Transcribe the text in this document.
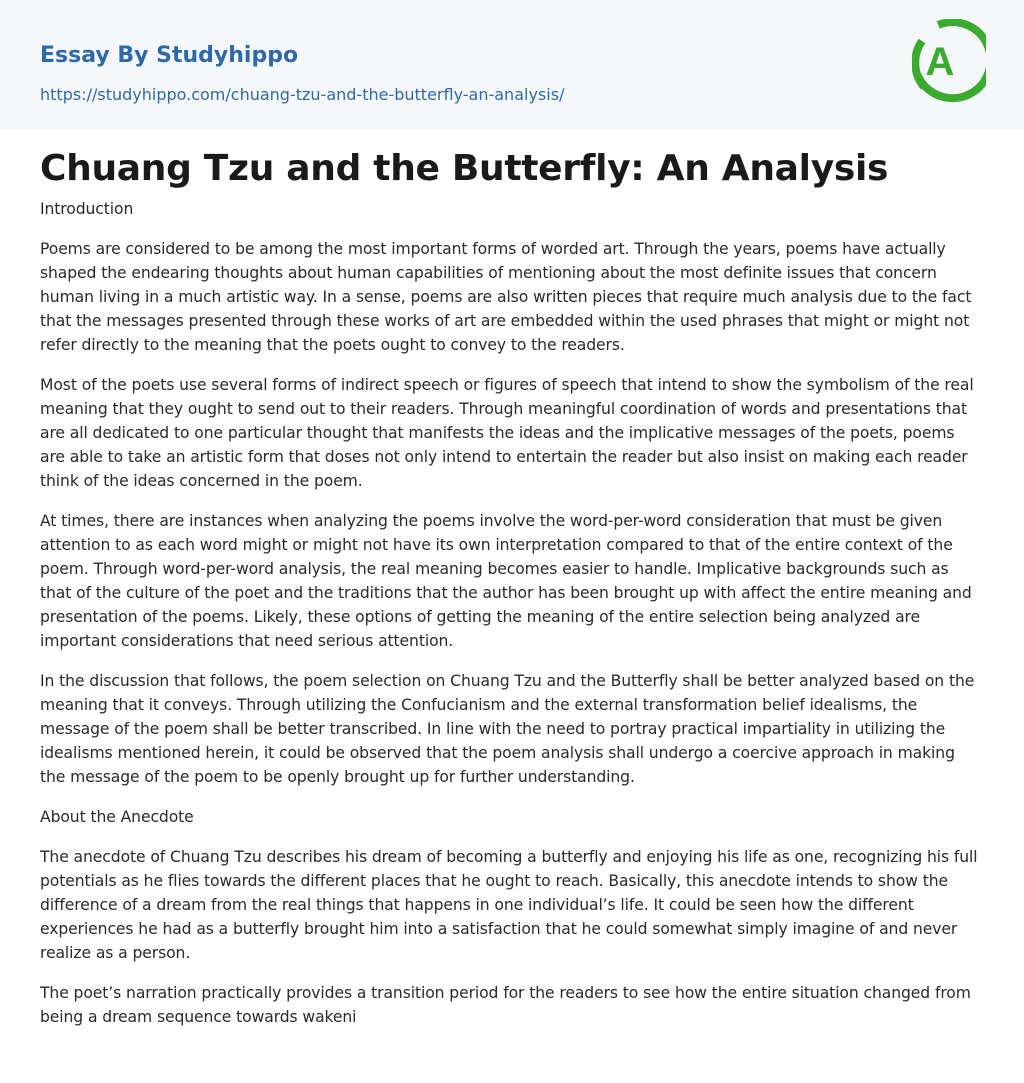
Essay By Studyhippo
https://studyhippo.com/chuang-tzu-and-the-butterfly-an-analysis/
A
Chuang Tzu and the Butterfly: An Analysis

Introduction

Poems are considered to be among the most important forms of worded art. Through the years, poems have actually shaped the endearing thoughts about human capabilities of mentioning about the most definite issues that concern human living in a much artistic way. In a sense, poems are also written pieces that require much analysis due to the fact that the messages presented through these works of art are embedded within the used phrases that might or might not refer directly to the meaning that the poets ought to convey to the readers.

Most of the poets use several forms of indirect speech or figures of speech that intend to show the symbolism of the real meaning that they ought to send out to their readers. Through meaningful coordination of words and presentations that are all dedicated to one particular thought that manifests the ideas and the implicative messages of the poets, poems are able to take an artistic form that doses not only intend to entertain the reader but also insist on making each reader think of the ideas concerned in the poem.

At times, there are instances when analyzing the poems involve the word-per-word consideration that must be given attention to as each word might or might not have its own interpretation compared to that of the entire context of the poem. Through word-per-word analysis, the real meaning becomes easier to handle. Implicative backgrounds such as that of the culture of the poet and the traditions that the author has been brought up with affect the entire meaning and presentation of the poems. Likely, these options of getting the meaning of the entire selection being analyzed are important considerations that need serious attention.

In the discussion that follows, the poem selection on Chuang Tzu and the Butterfly shall be better analyzed based on the meaning that it conveys. Through utilizing the Confucianism and the external transformation belief idealisms, the message of the poem shall be better transcribed. In line with the need to portray practical impartiality in utilizing the idealisms mentioned herein, it could be observed that the poem analysis shall undergo a coercive approach in making the message of the poem to be openly brought up for further understanding.

About the Anecdote

The anecdote of Chuang Tzu describes his dream of becoming a butterfly and enjoying his life as one, recognizing his full potentials as he flies towards the different places that he ought to reach. Basically, this anecdote intends to show the difference of a dream from the real things that happens in one individual’s life. It could be seen how the different experiences he had as a butterfly brought him into a satisfaction that he could somewhat simply imagine of and never realize as a person.

The poet’s narration practically provides a transition period for the readers to see how the entire situation changed from being a dream sequence towards wakeni
